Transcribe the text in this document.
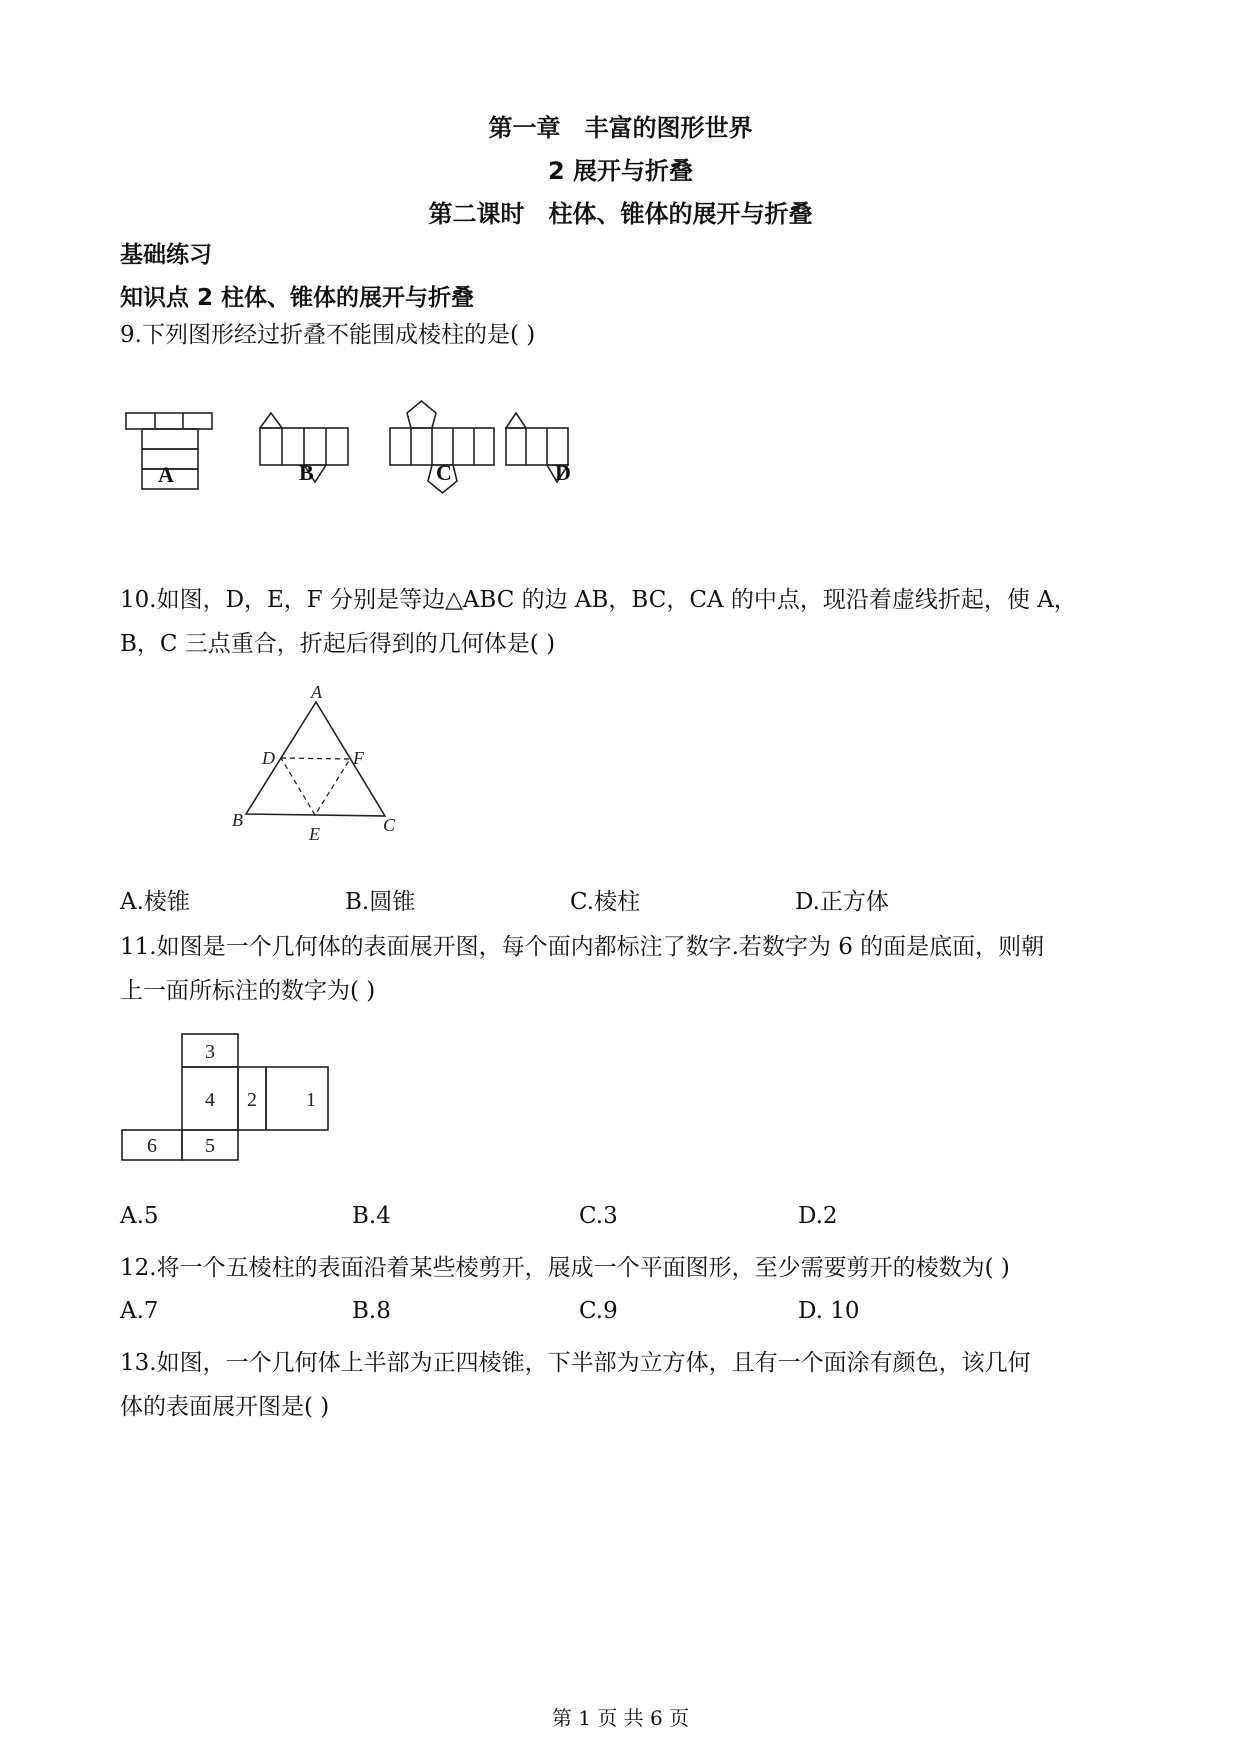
第一章　丰富的图形世界
2 展开与折叠
第二课时　柱体、锥体的展开与折叠
基础练习
知识点 2 柱体、锥体的展开与折叠
9.下列图形经过折叠不能围成棱柱的是( )
A	B	C	D
10.如图，D，E，F 分别是等边△ABC 的边 AB，BC，CA 的中点，现沿着虚线折起，使 A，
B，C 三点重合，折起后得到的几何体是( )
A
B	C
D
E
F
A.棱锥	B.圆锥	C.棱柱	D.正方体
11.如图是一个几何体的表面展开图，每个面内都标注了数字.若数字为 6 的面是底面，则朝
上一面所标注的数字为( )
3
4 2 1
6 5
A.5	B.4	C.3	D.2
12.将一个五棱柱的表面沿着某些棱剪开，展成一个平面图形，至少需要剪开的棱数为( )
A.7	B.8	C.9	D. 10
13.如图，一个几何体上半部为正四棱锥，下半部为立方体，且有一个面涂有颜色，该几何
体的表面展开图是( )
第 1 页 共 6 页
